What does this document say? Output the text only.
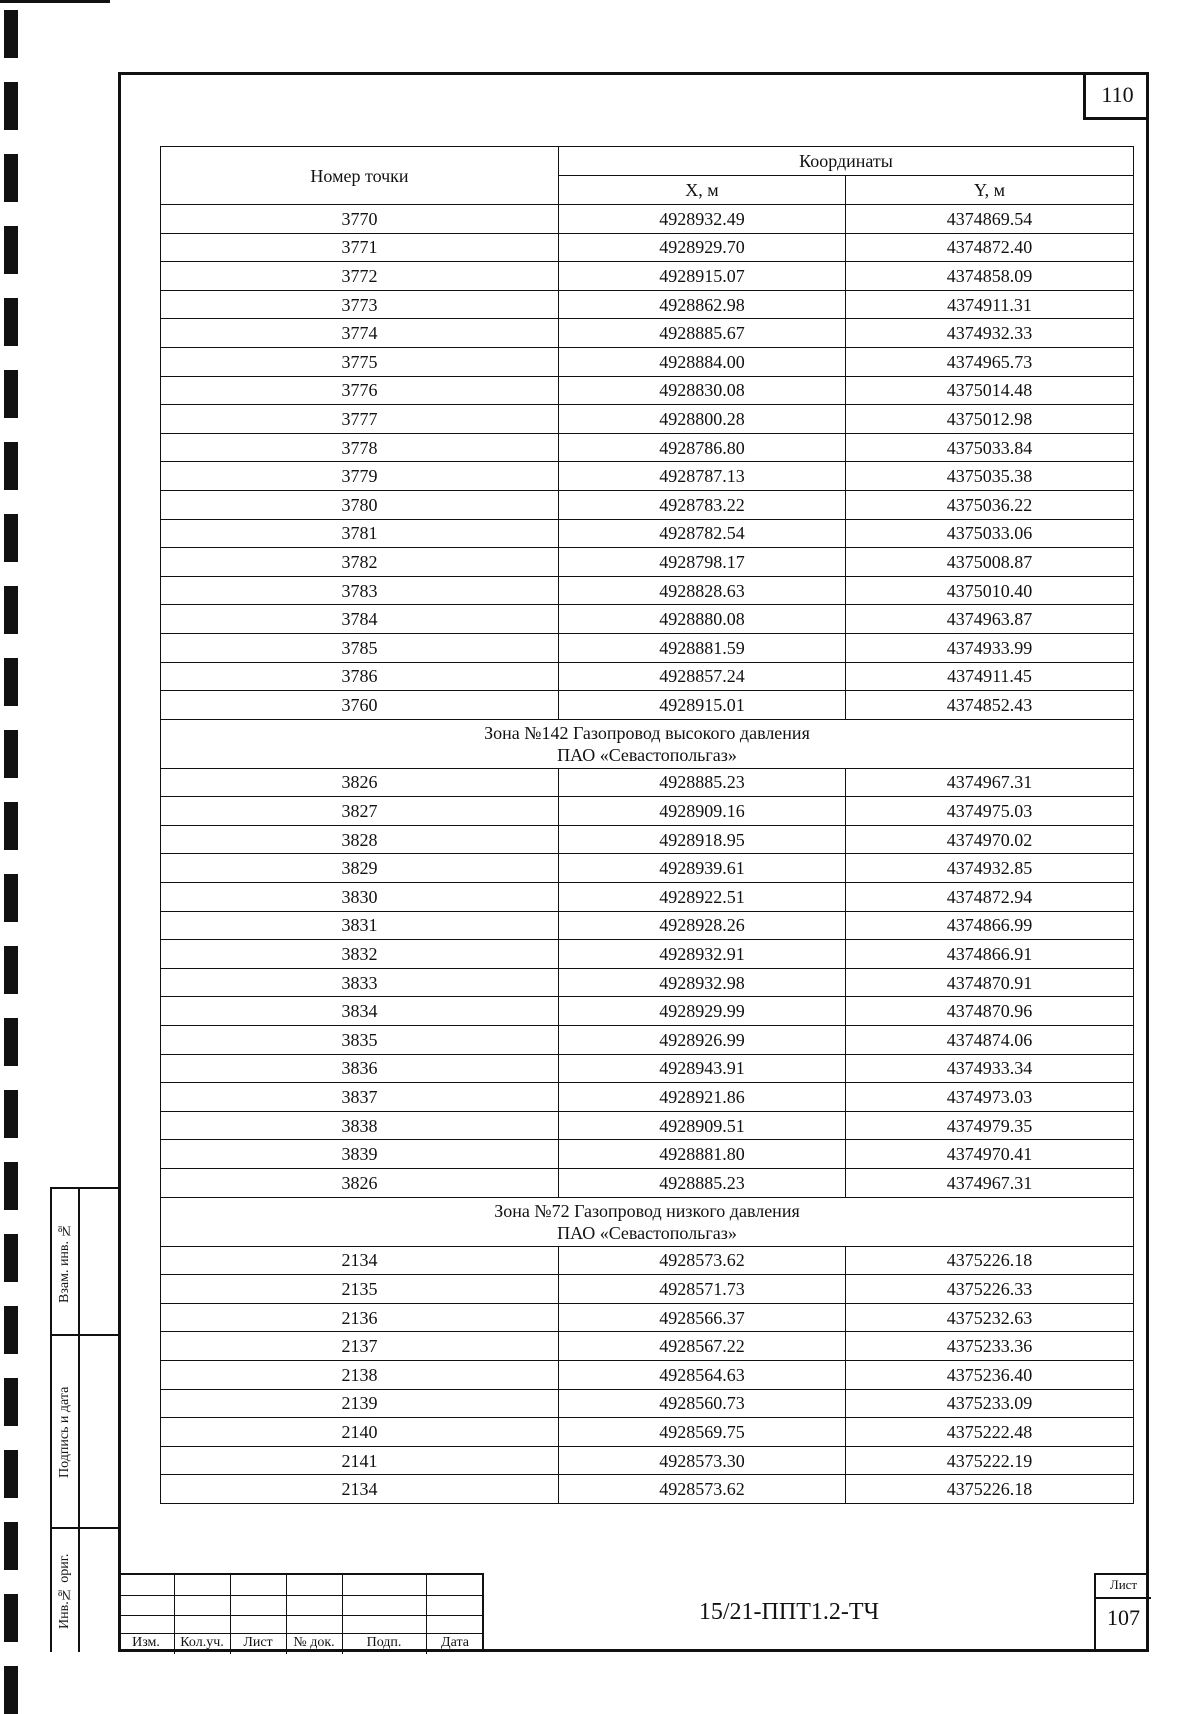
110
Номер точки	Координаты	
	X, м	Y, м
3770	4928932.49	4374869.54
3771	4928929.70	4374872.40
3772	4928915.07	4374858.09
3773	4928862.98	4374911.31
3774	4928885.67	4374932.33
3775	4928884.00	4374965.73
3776	4928830.08	4375014.48
3777	4928800.28	4375012.98
3778	4928786.80	4375033.84
3779	4928787.13	4375035.38
3780	4928783.22	4375036.22
3781	4928782.54	4375033.06
3782	4928798.17	4375008.87
3783	4928828.63	4375010.40
3784	4928880.08	4374963.87
3785	4928881.59	4374933.99
3786	4928857.24	4374911.45
3760	4928915.01	4374852.43

Зона №142 Газопровод высокого давления
ПАО «Севастопольгаз»		

3826	4928885.23	4374967.31
3827	4928909.16	4374975.03
3828	4928918.95	4374970.02
3829	4928939.61	4374932.85
3830	4928922.51	4374872.94
3831	4928928.26	4374866.99
3832	4928932.91	4374866.91
3833	4928932.98	4374870.91
3834	4928929.99	4374870.96
3835	4928926.99	4374874.06
3836	4928943.91	4374933.34
3837	4928921.86	4374973.03
3838	4928909.51	4374979.35
3839	4928881.80	4374970.41
3826	4928885.23	4374967.31

Зона №72 Газопровод низкого давления
ПАО «Севастопольгаз»		

2134	4928573.62	4375226.18
2135	4928571.73	4375226.33
2136	4928566.37	4375232.63
2137	4928567.22	4375233.36
2138	4928564.63	4375236.40
2139	4928560.73	4375233.09
2140	4928569.75	4375222.48
2141	4928573.30	4375222.19
2134	4928573.62	4375226.18
Взам. инв. №
Подпись и дата
Инв.№ ориг.
Изм.	Кол.уч.	Лист	№ док.	Подп.	Дата
15/21-ППТ1.2-ТЧ
Лист
107
